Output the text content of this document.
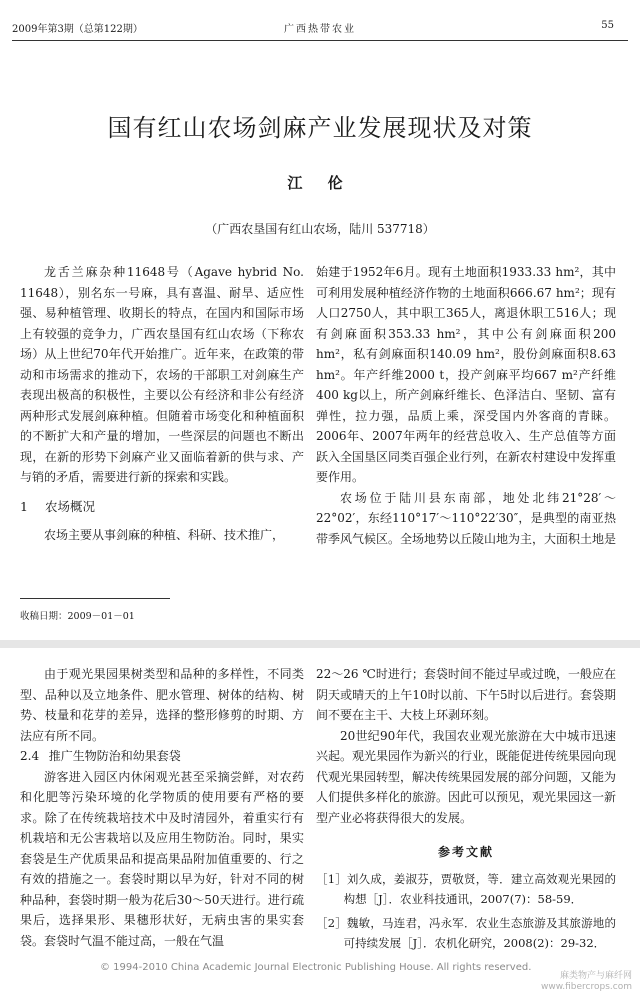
2009年第3期（总第122期）	广西热带农业	55
国有红山农场剑麻产业发展现状及对策
江 伦
（广西农垦国有红山农场，陆川 537718）

龙舌兰麻杂种11648号（Agave hybrid No. 11648），别名东一号麻，具有喜温、耐旱、适应性强、易种植管理、收期长的特点，在国内和国际市场上有较强的竞争力，广西农垦国有红山农场（下称农场）从上世纪70年代开始推广。近年来，在政策的带动和市场需求的推动下，农场的干部职工对剑麻生产表现出极高的积极性，主要以公有经济和非公有经济两种形式发展剑麻种植。但随着市场变化和种植面积的不断扩大和产量的增加，一些深层的问题也不断出现，在新的形势下剑麻产业又面临着新的供与求、产与销的矛盾，需要进行新的探索和实践。

1 农场概况

农场主要从事剑麻的种植、科研、技术推广，

始建于1952年6月。现有土地面积1933.33 hm²，其中可利用发展种植经济作物的土地面积666.67 hm²；现有人口2750人，其中职工365人，离退休职工516人；现有剑麻面积353.33 hm²，其中公有剑麻面积200 hm²，私有剑麻面积140.09 hm²，股份剑麻面积8.63 hm²。年产纤维2000 t，投产剑麻平均667 m²产纤维400 kg以上，所产剑麻纤维长、色泽洁白、坚韧、富有弹性，拉力强，品质上乘，深受国内外客商的青睐。2006年、2007年两年的经营总收入、生产总值等方面跃入全国垦区同类百强企业行列，在新农村建设中发挥重要作用。

农场位于陆川县东南部，地处北纬21°28′～22°02′，东经110°17′～110°22′30″，是典型的南亚热带季风气候区。全场地势以丘陵山地为主，大面积土地是

收稿日期：2009－01－01

由于观光果园果树类型和品种的多样性，不同类型、品种以及立地条件、肥水管理、树体的结构、树势、枝量和花芽的差异，选择的整形修剪的时期、方法应有所不同。

2.4 推广生物防治和幼果套袋

游客进入园区内休闲观光甚至采摘尝鲜，对农药和化肥等污染环境的化学物质的使用要有严格的要求。除了在传统栽培技术中及时清园外，着重实行有机栽培和无公害栽培以及应用生物防治。同时，果实套袋是生产优质果品和提高果品附加值重要的、行之有效的措施之一。套袋时期以早为好，针对不同的树种品种，套袋时期一般为花后30～50天进行。进行疏果后，选择果形、果穗形状好，无病虫害的果实套袋。套袋时气温不能过高，一般在气温

22～26 ℃时进行；套袋时间不能过早或过晚，一般应在阴天或晴天的上午10时以前、下午5时以后进行。套袋期间不要在主干、大枝上环剥环刻。

20世纪90年代，我国农业观光旅游在大中城市迅速兴起。观光果园作为新兴的行业，既能促进传统果园向现代观光果园转型，解决传统果园发展的部分问题，又能为人们提供多样化的旅游。因此可以预见，观光果园这一新型产业必将获得很大的发展。

参考文献

［1］刘久成，姜淑芬，贾敬贤，等．建立高效观光果园的构想［J］．农业科技通讯，2007(7)：58-59．

［2］魏敏，马连君，冯永军．农业生态旅游及其旅游地的可持续发展［J］．农机化研究，2008(2)：29-32．

© 1994-2010 China Academic Journal Electronic Publishing House. All rights reserved.
麻类物产与麻纤网
www.fibercrops.com
